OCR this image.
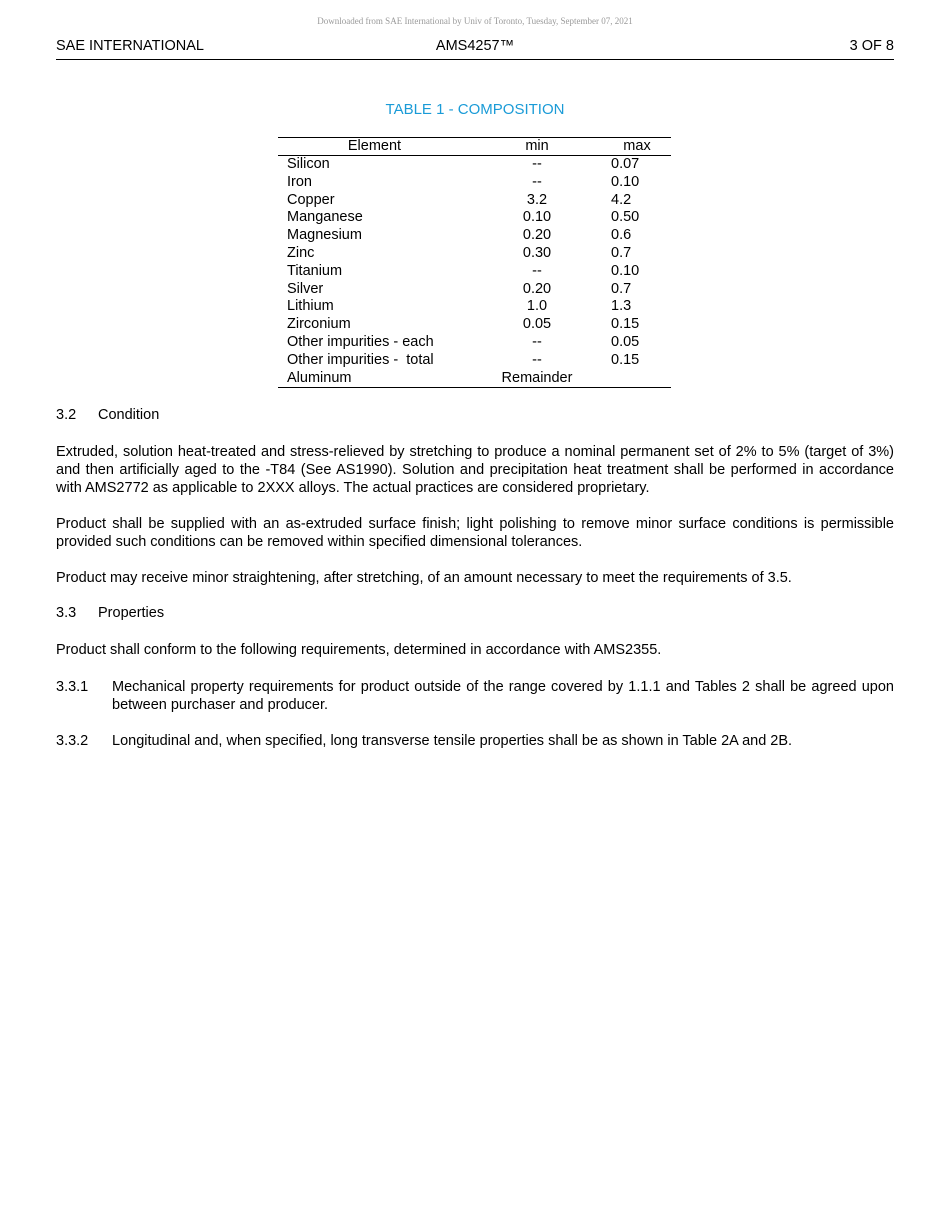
Downloaded from SAE International by Univ of Toronto, Tuesday, September 07, 2021
SAE INTERNATIONAL	AMS4257™	3 OF 8
TABLE 1 - COMPOSITION
Element	min	max
Silicon	--	0.07
Iron	--	0.10
Copper	3.2	4.2
Manganese	0.10	0.50
Magnesium	0.20	0.6
Zinc	0.30	0.7
Titanium	--	0.10
Silver	0.20	0.7
Lithium	1.0	1.3
Zirconium	0.05	0.15
Other impurities - each	--	0.05
Other impurities -  total	--	0.15
Aluminum	Remainder	
3.2 Condition
Extruded, solution heat-treated and stress-relieved by stretching to produce a nominal permanent set of 2% to 5% (target of 3%) and then artificially aged to the -T84 (See AS1990). Solution and precipitation heat treatment shall be performed in accordance with AMS2772 as applicable to 2XXX alloys. The actual practices are considered proprietary.
Product shall be supplied with an as-extruded surface finish; light polishing to remove minor surface conditions is permissible provided such conditions can be removed within specified dimensional tolerances.
Product may receive minor straightening, after stretching, of an amount necessary to meet the requirements of 3.5.
3.3 Properties
Product shall conform to the following requirements, determined in accordance with AMS2355.
3.3.1 Mechanical property requirements for product outside of the range covered by 1.1.1 and Tables 2 shall be agreed upon between purchaser and producer.
3.3.2 Longitudinal and, when specified, long transverse tensile properties shall be as shown in Table 2A and 2B.
